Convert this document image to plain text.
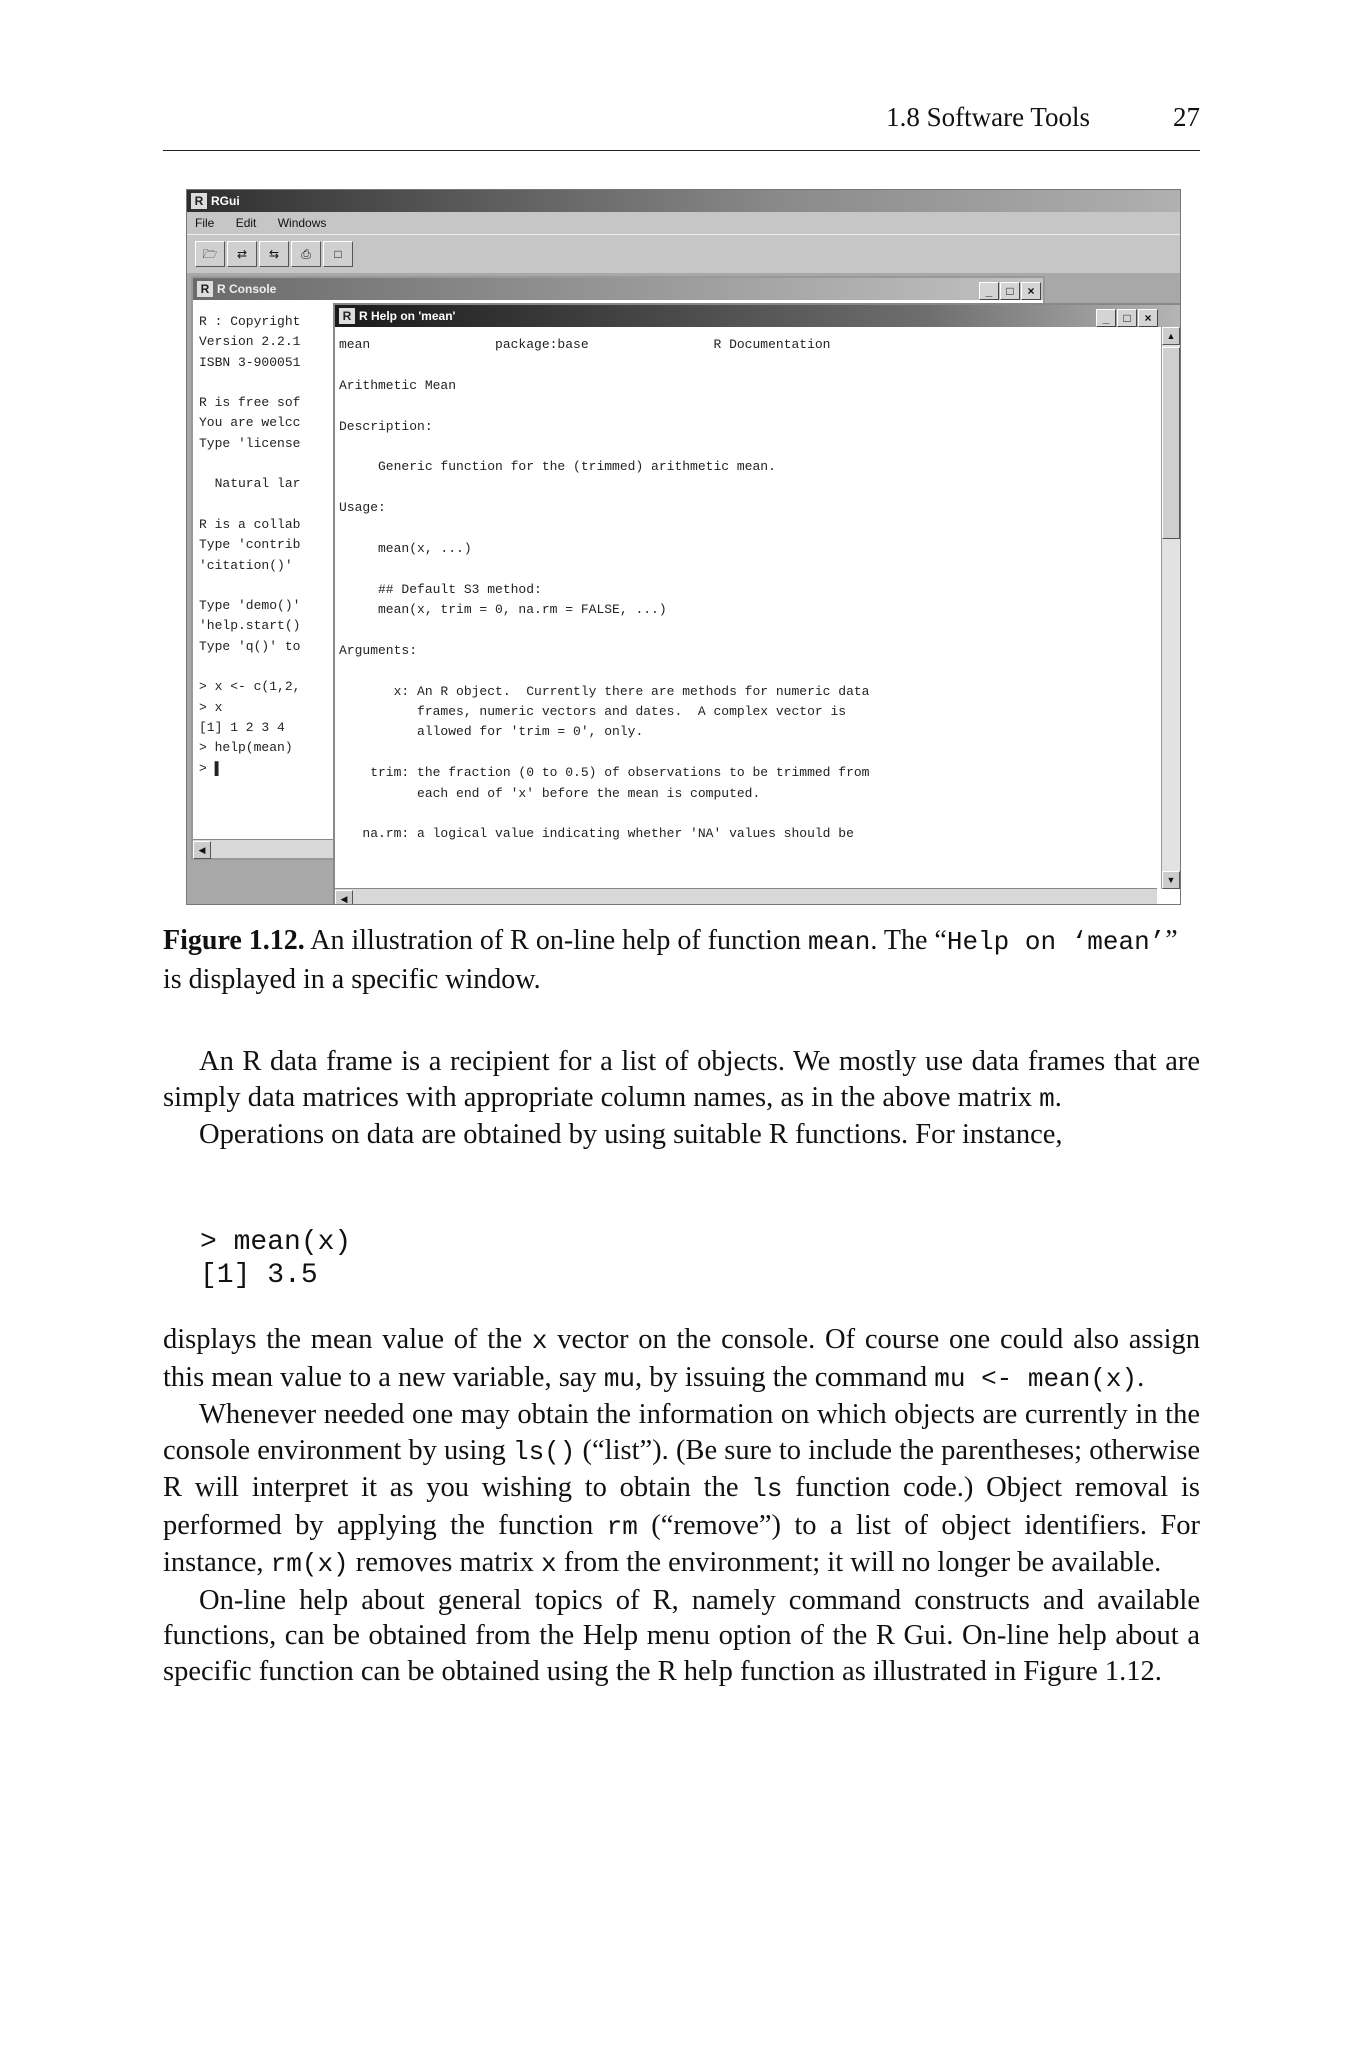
1.8 Software Tools	27
R RGui
File Edit Windows
🗁	⇄	⇆	⎙	□
R R Console	_ □ ×
R : Copyright
Version 2.2.1
ISBN 3-900051
R is free sof
You are welcc
Type 'license
Natural lar
R is a collab
Type 'contrib
'citation()'
Type 'demo()'
'help.start()
Type 'q()' to
> x <- c(1,2,
> x
[1] 1 2 3 4
> help(mean)
> ▌
◀
R R Help on 'mean'	_ □ ×
mean                package:base                R Documentation
Arithmetic Mean
Description:
Generic function for the (trimmed) arithmetic mean.
Usage:
mean(x, ...)
## Default S3 method:
mean(x, trim = 0, na.rm = FALSE, ...)
Arguments:
x: An R object.  Currently there are methods for numeric data
frames, numeric vectors and dates.  A complex vector is
allowed for 'trim = 0', only.
trim: the fraction (0 to 0.5) of observations to be trimmed from
each end of 'x' before the mean is computed.
na.rm: a logical value indicating whether 'NA' values should be
▲
▼
◀
Figure 1.12. An illustration of R on-line help of function mean. The “Help on ‘mean’” is displayed in a specific window.
An R data frame is a recipient for a list of objects. We mostly use data frames that are simply data matrices with appropriate column names, as in the above matrix m.
Operations on data are obtained by using suitable R functions. For instance,
> mean(x)
[1] 3.5
displays the mean value of the x vector on the console. Of course one could also assign this mean value to a new variable, say mu, by issuing the command mu <- mean(x).
Whenever needed one may obtain the information on which objects are currently in the console environment by using ls() (“list”). (Be sure to include the parentheses; otherwise R will interpret it as you wishing to obtain the ls function code.) Object removal is performed by applying the function rm (“remove”) to a list of object identifiers. For instance, rm(x) removes matrix x from the environment; it will no longer be available.
On-line help about general topics of R, namely command constructs and available functions, can be obtained from the Help menu option of the R Gui. On-line help about a specific function can be obtained using the R help function as illustrated in Figure 1.12.
